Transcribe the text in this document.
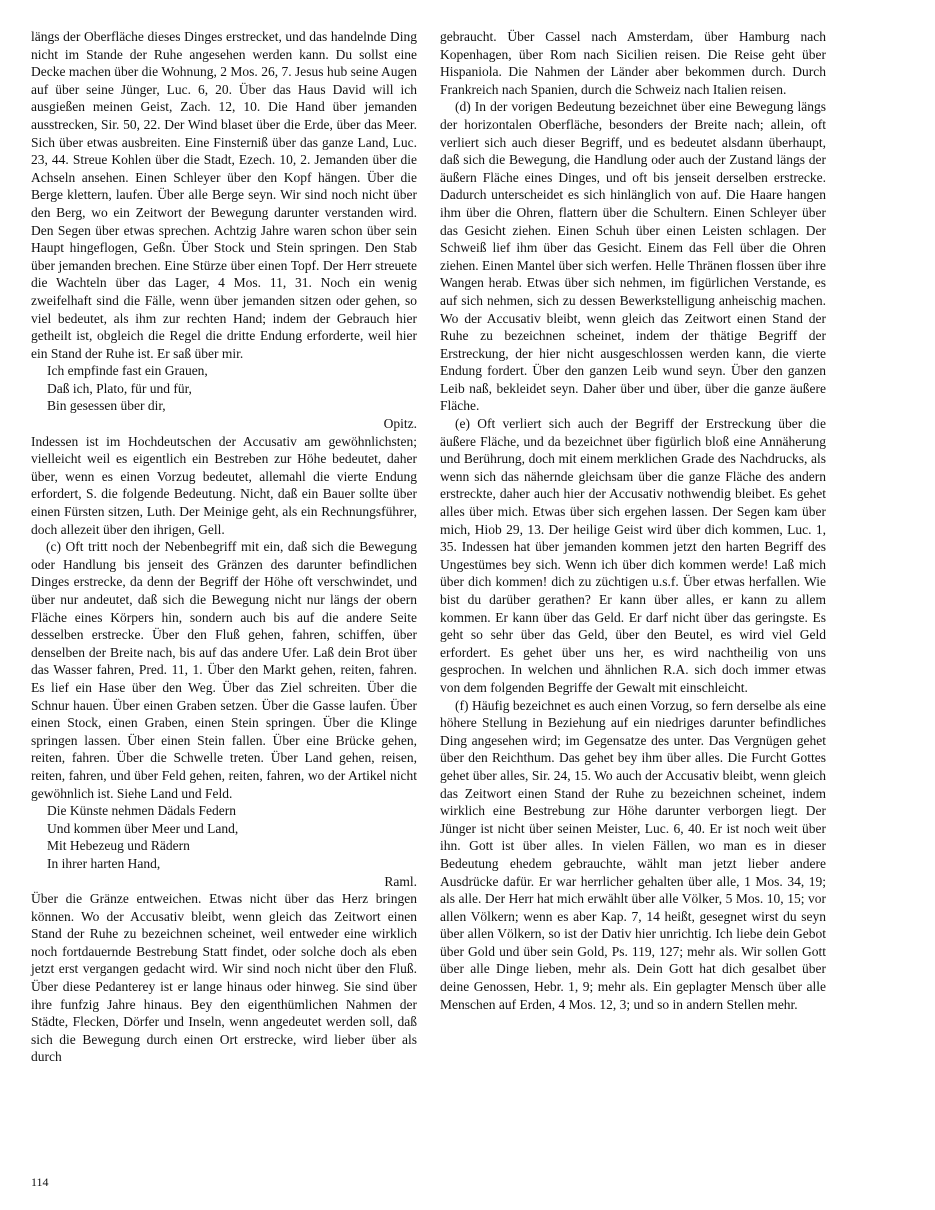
längs der Oberfläche dieses Dinges erstrecket, und das handelnde Ding nicht im Stande der Ruhe angesehen werden kann. Du sollst eine Decke machen über die Wohnung, 2 Mos. 26, 7. Jesus hub seine Augen auf über seine Jünger, Luc. 6, 20. Über das Haus David will ich ausgießen meinen Geist, Zach. 12, 10. Die Hand über jemanden ausstrecken, Sir. 50, 22. Der Wind blaset über die Erde, über das Meer. Sich über etwas ausbreiten. Eine Finsterniß über das ganze Land, Luc. 23, 44. Streue Kohlen über die Stadt, Ezech. 10, 2. Jemanden über die Achseln ansehen. Einen Schleyer über den Kopf hängen. Über die Berge klettern, laufen. Über alle Berge seyn. Wir sind noch nicht über den Berg, wo ein Zeitwort der Bewegung darunter verstanden wird. Den Segen über etwas sprechen. Achtzig Jahre waren schon über sein Haupt hingeflogen, Geßn. Über Stock und Stein springen. Den Stab über jemanden brechen. Eine Stürze über einen Topf. Der Herr streuete die Wachteln über das Lager, 4 Mos. 11, 31. Noch ein wenig zweifelhaft sind die Fälle, wenn über jemanden sitzen oder gehen, so viel bedeutet, als ihm zur rechten Hand; indem der Gebrauch hier getheilt ist, obgleich die Regel die dritte Endung erforderte, weil hier ein Stand der Ruhe ist. Er saß über mir.

Ich empfinde fast ein Grauen,
Daß ich, Plato, für und für,
Bin gesessen über dir,

Opitz.

Indessen ist im Hochdeutschen der Accusativ am gewöhnlichsten; vielleicht weil es eigentlich ein Bestreben zur Höhe bedeutet, daher über, wenn es einen Vorzug bedeutet, allemahl die vierte Endung erfordert, S. die folgende Bedeutung. Nicht, daß ein Bauer sollte über einen Fürsten sitzen, Luth. Der Meinige geht, als ein Rechnungsführer, doch allezeit über den ihrigen, Gell.

(c) Oft tritt noch der Nebenbegriff mit ein, daß sich die Bewegung oder Handlung bis jenseit des Gränzen des darunter befindlichen Dinges erstrecke, da denn der Begriff der Höhe oft verschwindet, und über nur andeutet, daß sich die Bewegung nicht nur längs der obern Fläche eines Körpers hin, sondern auch bis auf die andere Seite desselben erstrecke. Über den Fluß gehen, fahren, schiffen, über denselben der Breite nach, bis auf das andere Ufer. Laß dein Brot über das Wasser fahren, Pred. 11, 1. Über den Markt gehen, reiten, fahren. Es lief ein Hase über den Weg. Über das Ziel schreiten. Über die Schnur hauen. Über einen Graben setzen. Über die Gasse laufen. Über einen Stock, einen Graben, einen Stein springen. Über die Klinge springen lassen. Über einen Stein fallen. Über eine Brücke gehen, reiten, fahren. Über die Schwelle treten. Über Land gehen, reisen, reiten, fahren, und über Feld gehen, reiten, fahren, wo der Artikel nicht gewöhnlich ist. Siehe Land und Feld.

Die Künste nehmen Dädals Federn
Und kommen über Meer und Land,
Mit Hebezeug und Rädern
In ihrer harten Hand,

Raml.

Über die Gränze entweichen. Etwas nicht über das Herz bringen können. Wo der Accusativ bleibt, wenn gleich das Zeitwort einen Stand der Ruhe zu bezeichnen scheinet, weil entweder eine wirklich noch fortdauernde Bestrebung Statt findet, oder solche doch als eben jetzt erst vergangen gedacht wird. Wir sind noch nicht über den Fluß. Über diese Pedanterey ist er lange hinaus oder hinweg. Sie sind über ihre funfzig Jahre hinaus. Bey den eigenthümlichen Nahmen der Städte, Flecken, Dörfer und Inseln, wenn angedeutet werden soll, daß sich die Bewegung durch einen Ort erstrecke, wird lieber über als durch

gebraucht. Über Cassel nach Amsterdam, über Hamburg nach Kopenhagen, über Rom nach Sicilien reisen. Die Reise geht über Hispaniola. Die Nahmen der Länder aber bekommen durch. Durch Frankreich nach Spanien, durch die Schweiz nach Italien reisen.

(d) In der vorigen Bedeutung bezeichnet über eine Bewegung längs der horizontalen Oberfläche, besonders der Breite nach; allein, oft verliert sich auch dieser Begriff, und es bedeutet alsdann überhaupt, daß sich die Bewegung, die Handlung oder auch der Zustand längs der äußern Fläche eines Dinges, und oft bis jenseit derselben erstrecke. Dadurch unterscheidet es sich hinlänglich von auf. Die Haare hangen ihm über die Ohren, flattern über die Schultern. Einen Schleyer über das Gesicht ziehen. Einen Schuh über einen Leisten schlagen. Der Schweiß lief ihm über das Gesicht. Einem das Fell über die Ohren ziehen. Einen Mantel über sich werfen. Helle Thränen flossen über ihre Wangen herab. Etwas über sich nehmen, im figürlichen Verstande, es auf sich nehmen, sich zu dessen Bewerkstelligung anheischig machen. Wo der Accusativ bleibt, wenn gleich das Zeitwort einen Stand der Ruhe zu bezeichnen scheinet, indem der thätige Begriff der Erstreckung, der hier nicht ausgeschlossen werden kann, die vierte Endung fordert. Über den ganzen Leib wund seyn. Über den ganzen Leib naß, bekleidet seyn. Daher über und über, über die ganze äußere Fläche.

(e) Oft verliert sich auch der Begriff der Erstreckung über die äußere Fläche, und da bezeichnet über figürlich bloß eine Annäherung und Berührung, doch mit einem merklichen Grade des Nachdrucks, als wenn sich das nähernde gleichsam über die ganze Fläche des andern erstreckte, daher auch hier der Accusativ nothwendig bleibet. Es gehet alles über mich. Etwas über sich ergehen lassen. Der Segen kam über mich, Hiob 29, 13. Der heilige Geist wird über dich kommen, Luc. 1, 35. Indessen hat über jemanden kommen jetzt den harten Begriff des Ungestümes bey sich. Wenn ich über dich kommen werde! Laß mich über dich kommen! dich zu züchtigen u.s.f. Über etwas herfallen. Wie bist du darüber gerathen? Er kann über alles, er kann zu allem kommen. Er kann über das Geld. Er darf nicht über das geringste. Es geht so sehr über das Geld, über den Beutel, es wird viel Geld erfordert. Es gehet über uns her, es wird nachtheilig von uns gesprochen. In welchen und ähnlichen R.A. sich doch immer etwas von dem folgenden Begriffe der Gewalt mit einschleicht.

(f) Häufig bezeichnet es auch einen Vorzug, so fern derselbe als eine höhere Stellung in Beziehung auf ein niedriges darunter befindliches Ding angesehen wird; im Gegensatze des unter. Das Vergnügen gehet über den Reichthum. Das gehet bey ihm über alles. Die Furcht Gottes gehet über alles, Sir. 24, 15. Wo auch der Accusativ bleibt, wenn gleich das Zeitwort einen Stand der Ruhe zu bezeichnen scheinet, indem wirklich eine Bestrebung zur Höhe darunter verborgen liegt. Der Jünger ist nicht über seinen Meister, Luc. 6, 40. Er ist noch weit über ihn. Gott ist über alles. In vielen Fällen, wo man es in dieser Bedeutung ehedem gebrauchte, wählt man jetzt lieber andere Ausdrücke dafür. Er war herrlicher gehalten über alle, 1 Mos. 34, 19; als alle. Der Herr hat mich erwählt über alle Völker, 5 Mos. 10, 15; vor allen Völkern; wenn es aber Kap. 7, 14 heißt, gesegnet wirst du seyn über allen Völkern, so ist der Dativ hier unrichtig. Ich liebe dein Gebot über Gold und über sein Gold, Ps. 119, 127; mehr als. Wir sollen Gott über alle Dinge lieben, mehr als. Dein Gott hat dich gesalbet über deine Genossen, Hebr. 1, 9; mehr als. Ein geplagter Mensch über alle Menschen auf Erden, 4 Mos. 12, 3; und so in andern Stellen mehr.

114
